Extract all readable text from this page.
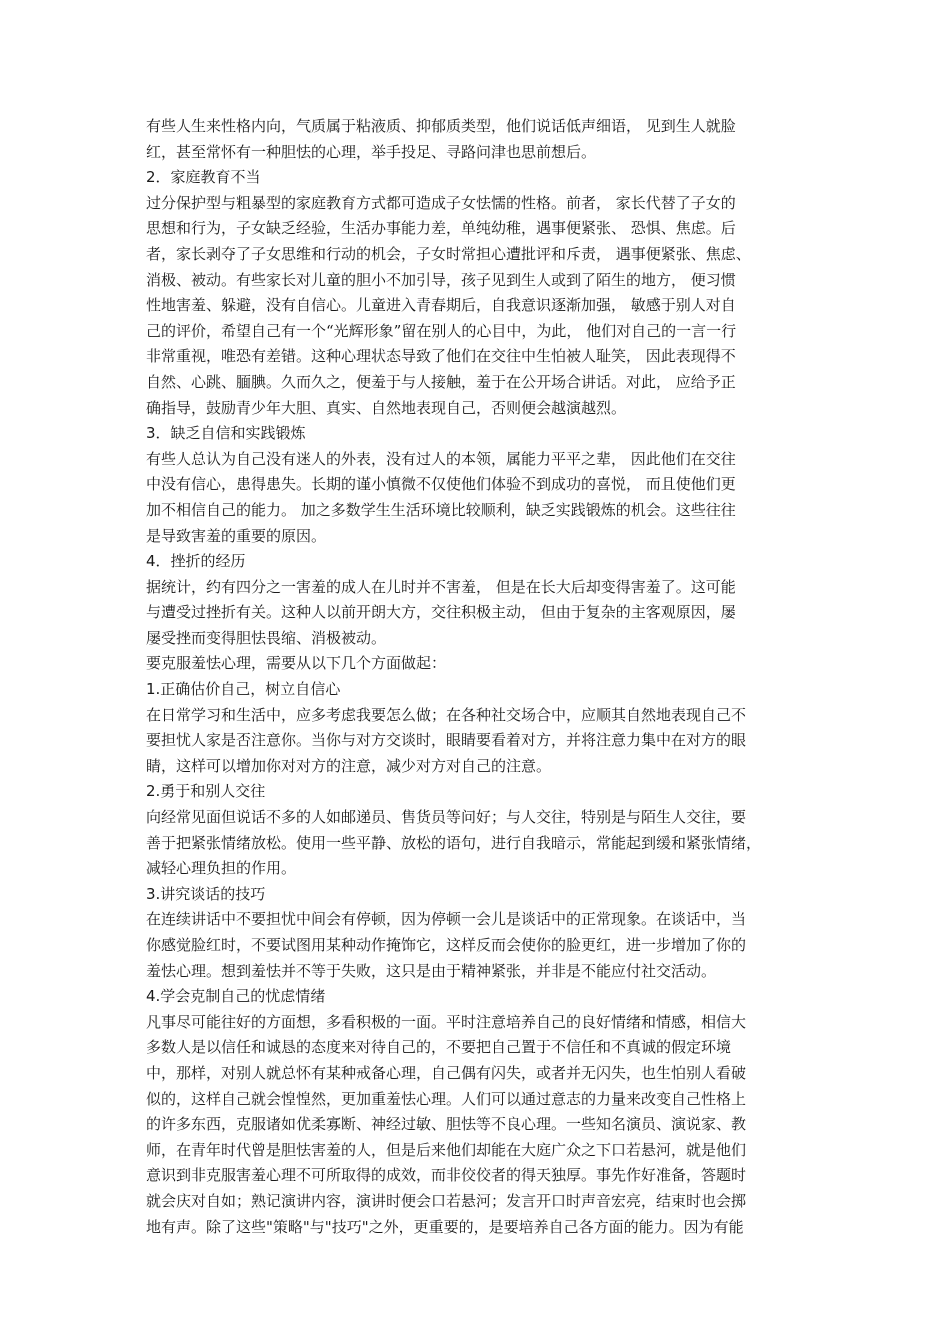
有些人生来性格内向，气质属于粘液质、抑郁质类型，他们说话低声细语， 见到生人就脸
红，甚至常怀有一种胆怯的心理，举手投足、寻路问津也思前想后。
2．家庭教育不当
过分保护型与粗暴型的家庭教育方式都可造成子女怯懦的性格。前者， 家长代替了子女的
思想和行为，子女缺乏经验，生活办事能力差，单纯幼稚，遇事便紧张、 恐惧、焦虑。后
者，家长剥夺了子女思维和行动的机会，子女时常担心遭批评和斥责， 遇事便紧张、焦虑、
消极、被动。有些家长对儿童的胆小不加引导，孩子见到生人或到了陌生的地方， 便习惯
性地害羞、躲避，没有自信心。儿童进入青春期后，自我意识逐渐加强， 敏感于别人对自
己的评价，希望自己有一个“光辉形象”留在别人的心目中，为此， 他们对自己的一言一行
非常重视，唯恐有差错。这种心理状态导致了他们在交往中生怕被人耻笑， 因此表现得不
自然、心跳、腼腆。久而久之，便羞于与人接触，羞于在公开场合讲话。对此， 应给予正
确指导，鼓励青少年大胆、真实、自然地表现自己，否则便会越演越烈。
3．缺乏自信和实践锻炼
有些人总认为自己没有迷人的外表，没有过人的本领，属能力平平之辈， 因此他们在交往
中没有信心，患得患失。长期的谨小慎微不仅使他们体验不到成功的喜悦， 而且使他们更
加不相信自己的能力。 加之多数学生生活环境比较顺利，缺乏实践锻炼的机会。这些往往
是导致害羞的重要的原因。
4．挫折的经历
据统计，约有四分之一害羞的成人在儿时并不害羞， 但是在长大后却变得害羞了。这可能
与遭受过挫折有关。这种人以前开朗大方，交往积极主动， 但由于复杂的主客观原因，屡
屡受挫而变得胆怯畏缩、消极被动。
要克服羞怯心理，需要从以下几个方面做起：
1.正确估价自己，树立自信心
在日常学习和生活中，应多考虑我要怎么做；在各种社交场合中，应顺其自然地表现自己不
要担忧人家是否注意你。当你与对方交谈时，眼睛要看着对方，并将注意力集中在对方的眼
睛，这样可以增加你对对方的注意，减少对方对自己的注意。
2.勇于和别人交往
向经常见面但说话不多的人如邮递员、售货员等问好；与人交往，特别是与陌生人交往，要
善于把紧张情绪放松。使用一些平静、放松的语句，进行自我暗示，常能起到缓和紧张情绪，
减轻心理负担的作用。
3.讲究谈话的技巧
在连续讲话中不要担忧中间会有停顿，因为停顿一会儿是谈话中的正常现象。在谈话中，当
你感觉脸红时，不要试图用某种动作掩饰它，这样反而会使你的脸更红，进一步增加了你的
羞怯心理。想到羞怯并不等于失败，这只是由于精神紧张，并非是不能应付社交活动。
4.学会克制自己的忧虑情绪
凡事尽可能往好的方面想，多看积极的一面。平时注意培养自己的良好情绪和情感，相信大
多数人是以信任和诚恳的态度来对待自己的，不要把自己置于不信任和不真诚的假定环境
中，那样，对别人就总怀有某种戒备心理，自己偶有闪失，或者并无闪失，也生怕别人看破
似的，这样自己就会惶惶然，更加重羞怯心理。人们可以通过意志的力量来改变自己性格上
的许多东西，克服诸如优柔寡断、神经过敏、胆怯等不良心理。一些知名演员、演说家、教
师，在青年时代曾是胆怯害羞的人，但是后来他们却能在大庭广众之下口若悬河，就是他们
意识到非克服害羞心理不可所取得的成效，而非佼佼者的得天独厚。事先作好准备，答题时
就会庆对自如；熟记演讲内容，演讲时便会口若悬河；发言开口时声音宏亮，结束时也会掷
地有声。除了这些"策略"与"技巧"之外，更重要的，是要培养自己各方面的能力。因为有能
